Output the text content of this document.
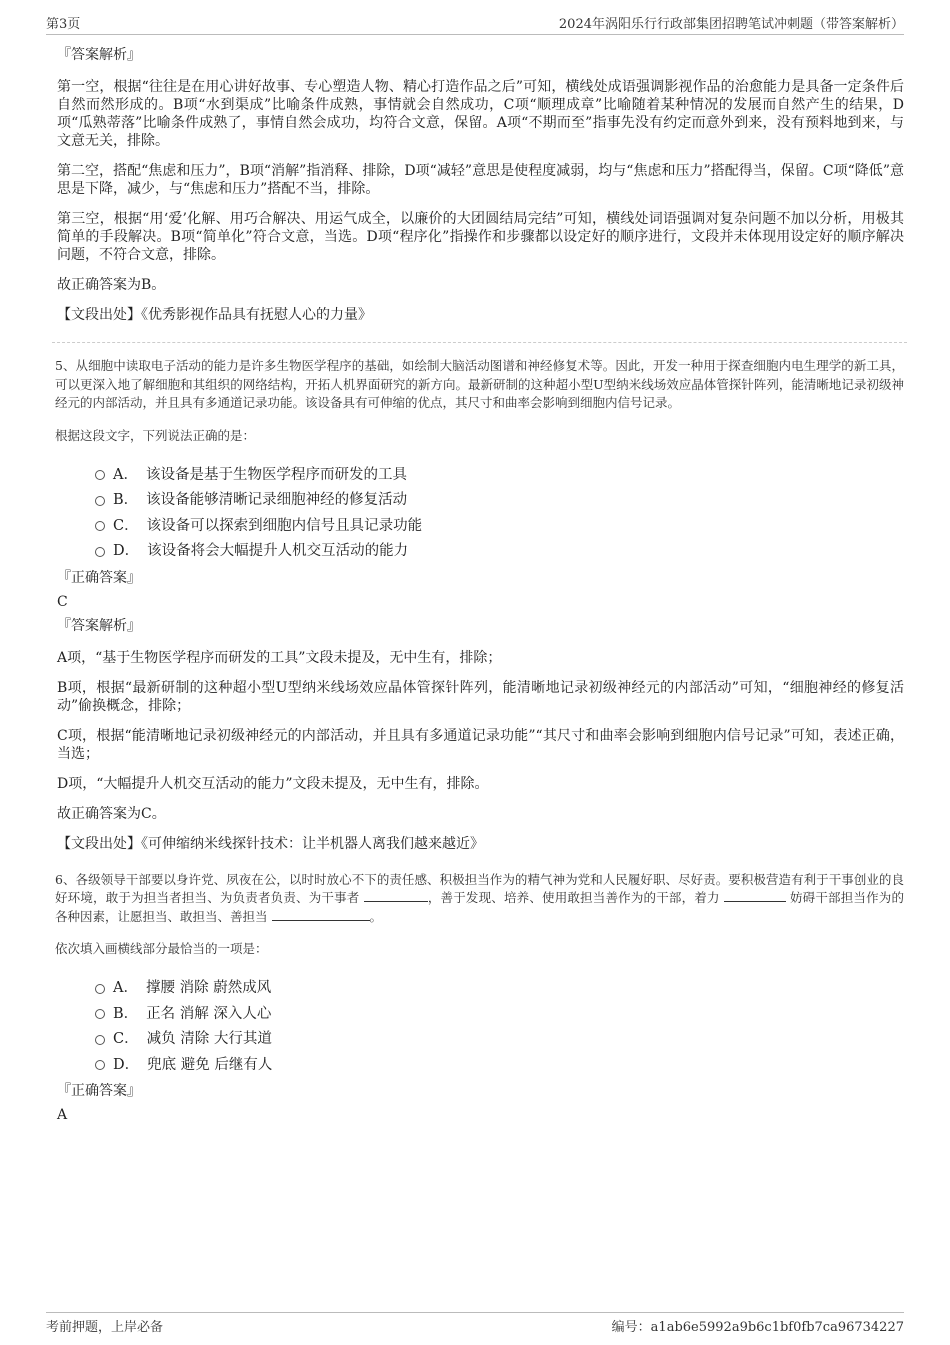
第3页	2024年涡阳乐行行政部集团招聘笔试冲刺题（带答案解析）
『答案解析』

第一空，根据“往往是在用心讲好故事、专心塑造人物、精心打造作品之后”可知，横线处成语强调影视作品的治愈能力是具备一定条件后自然而然形成的。B项“水到渠成”比喻条件成熟，事情就会自然成功，C项“顺理成章”比喻随着某种情况的发展而自然产生的结果，D项“瓜熟蒂落”比喻条件成熟了，事情自然会成功，均符合文意，保留。A项“不期而至”指事先没有约定而意外到来，没有预料地到来，与文意无关，排除。

第二空，搭配“焦虑和压力”，B项“消解”指消释、排除，D项“减轻”意思是使程度减弱，均与“焦虑和压力”搭配得当，保留。C项“降低”意思是下降，减少，与“焦虑和压力”搭配不当，排除。

第三空，根据“用‘爱’化解、用巧合解决、用运气成全，以廉价的大团圆结局完结”可知，横线处词语强调对复杂问题不加以分析，用极其简单的手段解决。B项“简单化”符合文意，当选。D项“程序化”指操作和步骤都以设定好的顺序进行，文段并未体现用设定好的顺序解决问题，不符合文意，排除。

故正确答案为B。

【文段出处】《优秀影视作品具有抚慰人心的力量》

5、从细胞中读取电子活动的能力是许多生物医学程序的基础，如绘制大脑活动图谱和神经修复术等。因此，开发一种用于探查细胞内电生理学的新工具，可以更深入地了解细胞和其组织的网络结构，开拓人机界面研究的新方向。最新研制的这种超小型U型纳米线场效应晶体管探针阵列，能清晰地记录初级神经元的内部活动，并且具有多通道记录功能。该设备具有可伸缩的优点，其尺寸和曲率会影响到细胞内信号记录。

根据这段文字，下列说法正确的是：

A． 该设备是基于生物医学程序而研发的工具
B． 该设备能够清晰记录细胞神经的修复活动
C． 该设备可以探索到细胞内信号且具记录功能
D． 该设备将会大幅提升人机交互活动的能力
『正确答案』
C
『答案解析』

A项，“基于生物医学程序而研发的工具”文段未提及，无中生有，排除；

B项，根据“最新研制的这种超小型U型纳米线场效应晶体管探针阵列，能清晰地记录初级神经元的内部活动”可知，“细胞神经的修复活动”偷换概念，排除；

C项，根据“能清晰地记录初级神经元的内部活动，并且具有多通道记录功能”“其尺寸和曲率会影响到细胞内信号记录”可知，表述正确，当选；

D项，“大幅提升人机交互活动的能力”文段未提及，无中生有，排除。

故正确答案为C。

【文段出处】《可伸缩纳米线探针技术：让半机器人离我们越来越近》

6、各级领导干部要以身许党、夙夜在公，以时时放心不下的责任感、积极担当作为的精气神为党和人民履好职、尽好责。要积极营造有利于干事创业的良好环境，敢于为担当者担当、为负责者负责、为干事者	，善于发现、培养、使用敢担当善作为的干部，着力	妨碍干部担当作为的各种因素，让愿担当、敢担当、善担当	。

依次填入画横线部分最恰当的一项是：

A． 撑腰 消除 蔚然成风
B． 正名 消解 深入人心
C． 减负 清除 大行其道
D． 兜底 避免 后继有人
『正确答案』
A
考前押题，上岸必备	编号：a1ab6e5992a9b6c1bf0fb7ca96734227
